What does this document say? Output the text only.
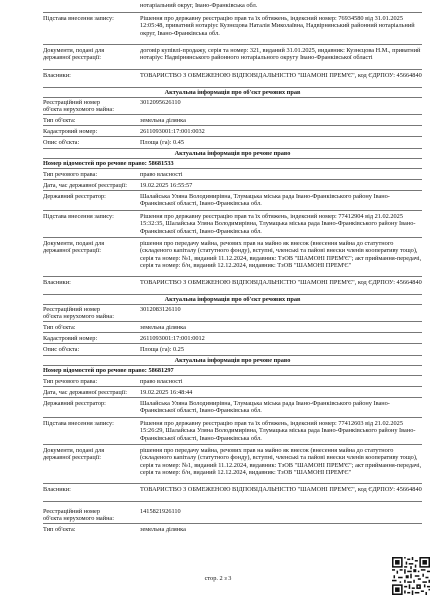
нотаріальний округ, Івано-Франківська обл.
Підстава внесення запису:	Рішення про державну реєстрацію прав та їх обтяжень, індексний номер: 76934580 від 31.01.2025 12:05:48, приватний нотаріус Кузнєцова Наталія Миколаївна, Надвірнянський районний нотаріальний округ, Івано-Франківська обл.
Документи, подані для державної реєстрації:
договір купівлі-продажу, серія та номер: 321, виданий 31.01.2025, видавник: Кузнєцова Н.М., приватний нотаріус Надвірнянського районного нотаріального округу Івано-Франківської області
Власники:	ТОВАРИСТВО З ОБМЕЖЕНОЮ ВІДПОВІДАЛЬНІСТЮ "ШАМОНІ ПРЕМ'Є", код ЄДРПОУ: 45664840
Актуальна інформація про об'єкт речових прав
Реєстраційний номер об'єкта нерухомого майна:
3012095626110
Тип об'єкта:	земельна ділянка
Кадастровий номер:	2611093001:17:001:0032
Опис об'єкта:	Площа (га): 0.45
Актуальна інформація про речове право
Номер відомостей про речове право: 58681533
Тип речового права:	право власності
Дата, час державної реєстрації:	19.02.2025 16:55:57
Державний реєстратор:	Шалайська Уляна Володимирівна, Тлумацька міська рада Івано-Франківського району Івано-Франківської області, Івано-Франківська обл.
Підстава внесення запису:	Рішення про державну реєстрацію прав та їх обтяжень, індексний номер: 77412904 від 21.02.2025 15:32:35, Шалайська Уляна Володимирівна, Тлумацька міська рада Івано-Франківського району Івано-Франківської області, Івано-Франківська обл.
Документи, подані для державної реєстрації:
рішення про передачу майна, речових прав на майно як внесок (внесення майна до статутного (складеного капіталу (статутного фонду), вступні, членські та пайові внески членів кооперативу тощо), серія та номер: №1, виданий 11.12.2024, видавник: ТзОВ "ШАМОНІ ПРЕМ'Є"; акт приймання-передачі, серія та номер: б/н, виданий 12.12.2024, видавник: ТзОВ "ШАМОНІ ПРЕМ'Є"
Власники:	ТОВАРИСТВО З ОБМЕЖЕНОЮ ВІДПОВІДАЛЬНІСТЮ "ШАМОНІ ПРЕМ'Є", код ЄДРПОУ: 45664840
Актуальна інформація про об'єкт речових прав
Реєстраційний номер об'єкта нерухомого майна:
3012083126110
Тип об'єкта:	земельна ділянка
Кадастровий номер:	2611093001:17:001:0012
Опис об'єкта:	Площа (га): 0.25
Актуальна інформація про речове право
Номер відомостей про речове право: 58681297
Тип речового права:	право власності
Дата, час державної реєстрації:	19.02.2025 16:48:44
Державний реєстратор:	Шалайська Уляна Володимирівна, Тлумацька міська рада Івано-Франківського району Івано-Франківської області, Івано-Франківська обл.
Підстава внесення запису:	Рішення про державну реєстрацію прав та їх обтяжень, індексний номер: 77412603 від 21.02.2025 15:26:29, Шалайська Уляна Володимирівна, Тлумацька міська рада Івано-Франківського району Івано-Франківської області, Івано-Франківська обл.
Документи, подані для державної реєстрації:
рішення про передачу майна, речових прав на майно як внесок (внесення майна до статутного (складеного капіталу (статутного фонду), вступні, членські та пайові внески членів кооперативу тощо), серія та номер: №1, виданий 11.12.2024, видавник: ТзОВ "ШАМОНІ ПРЕМ'Є"; акт приймання-передачі, серія та номер: б/н, виданий 12.12.2024, видавник: ТзОВ "ШАМОНІ ПРЕМ'Є"
Власники:	ТОВАРИСТВО З ОБМЕЖЕНОЮ ВІДПОВІДАЛЬНІСТЮ "ШАМОНІ ПРЕМ'Є", код ЄДРПОУ: 45664840
Реєстраційний номер об'єкта нерухомого майна:
1415821926110
Тип об'єкта:	земельна ділянка
стор. 2 з 3
